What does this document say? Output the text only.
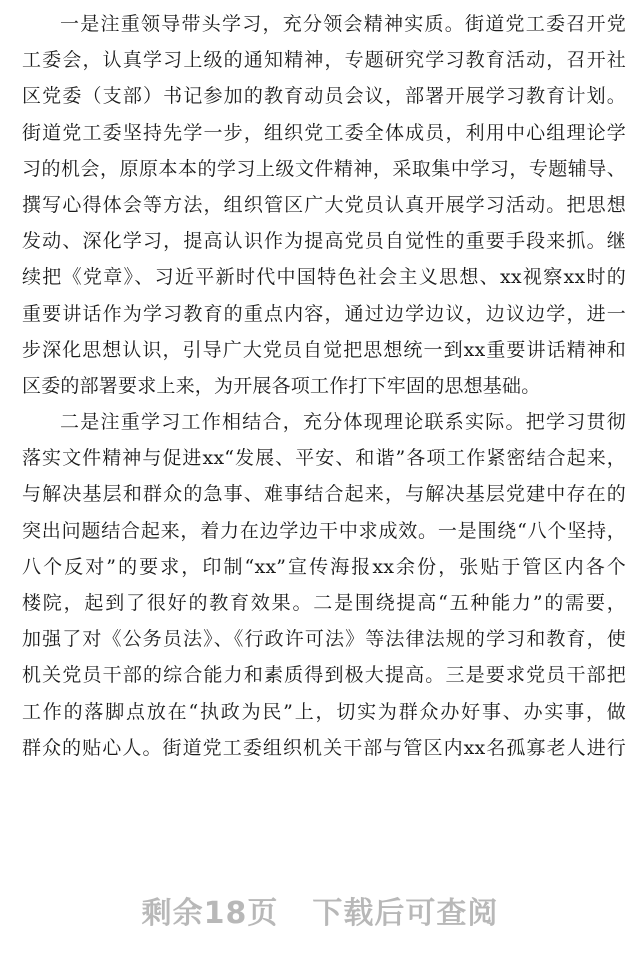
一是注重领导带头学习，充分领会精神实质。街道党工委召开党
工委会，认真学习上级的通知精神，专题研究学习教育活动，召开社
区党委（支部）书记参加的教育动员会议，部署开展学习教育计划。
街道党工委坚持先学一步，组织党工委全体成员，利用中心组理论学
习的机会，原原本本的学习上级文件精神，采取集中学习，专题辅导、
撰写心得体会等方法，组织管区广大党员认真开展学习活动。把思想
发动、深化学习，提高认识作为提高党员自觉性的重要手段来抓。继
续把《党章》、习近平新时代中国特色社会主义思想、xx视察xx时的
重要讲话作为学习教育的重点内容，通过边学边议，边议边学，进一
步深化思想认识，引导广大党员自觉把思想统一到xx重要讲话精神和
区委的部署要求上来，为开展各项工作打下牢固的思想基础。
二是注重学习工作相结合，充分体现理论联系实际。把学习贯彻
落实文件精神与促进xx“发展、平安、和谐”各项工作紧密结合起来，
与解决基层和群众的急事、难事结合起来，与解决基层党建中存在的
突出问题结合起来，着力在边学边干中求成效。一是围绕“八个坚持，
八个反对”的要求，印制“xx”宣传海报xx余份，张贴于管区内各个
楼院，起到了很好的教育效果。二是围绕提高“五种能力”的需要，
加强了对《公务员法》、《行政许可法》等法律法规的学习和教育，使
机关党员干部的综合能力和素质得到极大提高。三是要求党员干部把
工作的落脚点放在“执政为民”上，切实为群众办好事、办实事，做
群众的贴心人。街道党工委组织机关干部与管区内xx名孤寡老人进行
剩余18页 下载后可查阅
